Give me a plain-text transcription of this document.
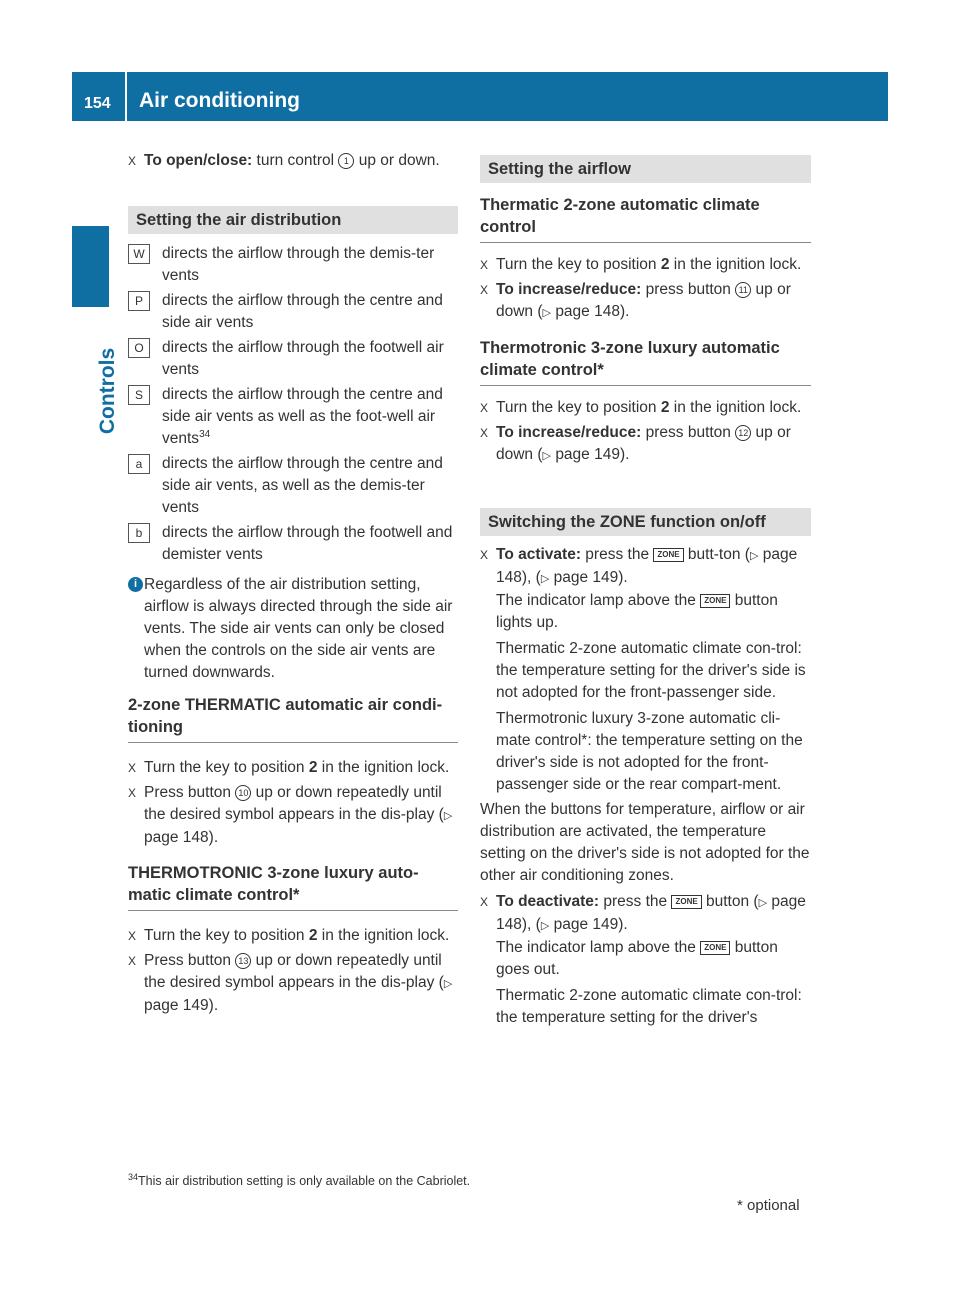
154 Air conditioning
Controls

X To open/close: turn control 1 up or down.

Setting the air distribution
W	directs the airflow through the demis-ter vents
P	directs the airflow through the centre and side air vents
O	directs the airflow through the footwell air vents
S	directs the airflow through the centre and side air vents as well as the foot-well air vents$^{34}$
a	directs the airflow through the centre and side air vents, as well as the demis-ter vents
b	directs the airflow through the footwell and demister vents

i Regardless of the air distribution setting, airflow is always directed through the side air vents. The side air vents can only be closed when the controls on the side air vents are turned downwards.

2-zone THERMATIC automatic air condi-tioning

X Turn the key to position 2 in the ignition lock.

X Press button 10 up or down repeatedly until the desired symbol appears in the dis-play (▷ page 148).

THERMOTRONIC 3-zone luxury auto-matic climate control*

X Turn the key to position 2 in the ignition lock.

X Press button 13 up or down repeatedly until the desired symbol appears in the dis-play (▷ page 149).

Setting the airflow
Thermatic 2-zone automatic climate control

X Turn the key to position 2 in the ignition lock.

X To increase/reduce: press button 11 up or down (▷ page 148).

Thermotronic 3-zone luxury automatic climate control*

X Turn the key to position 2 in the ignition lock.

X To increase/reduce: press button 12 up or down (▷ page 149).

Switching the ZONE function on/off
X To activate: press the ZONE butt-ton (▷ page 148), (▷ page 149).

The indicator lamp above the ZONE button lights up.

Thermatic 2-zone automatic climate con-trol: the temperature setting for the driver's side is not adopted for the front-passenger side.

Thermotronic luxury 3-zone automatic cli-mate control*: the temperature setting on the driver's side is not adopted for the front-passenger side or the rear compart-ment.

When the buttons for temperature, airflow or air distribution are activated, the temperature setting on the driver's side is not adopted for the other air conditioning zones.

X To deactivate: press the ZONE button (▷ page 148), (▷ page 149).

The indicator lamp above the ZONE button goes out.

Thermatic 2-zone automatic climate con-trol: the temperature setting for the driver's

$^{34}$This air distribution setting is only available on the Cabriolet.
* optional
